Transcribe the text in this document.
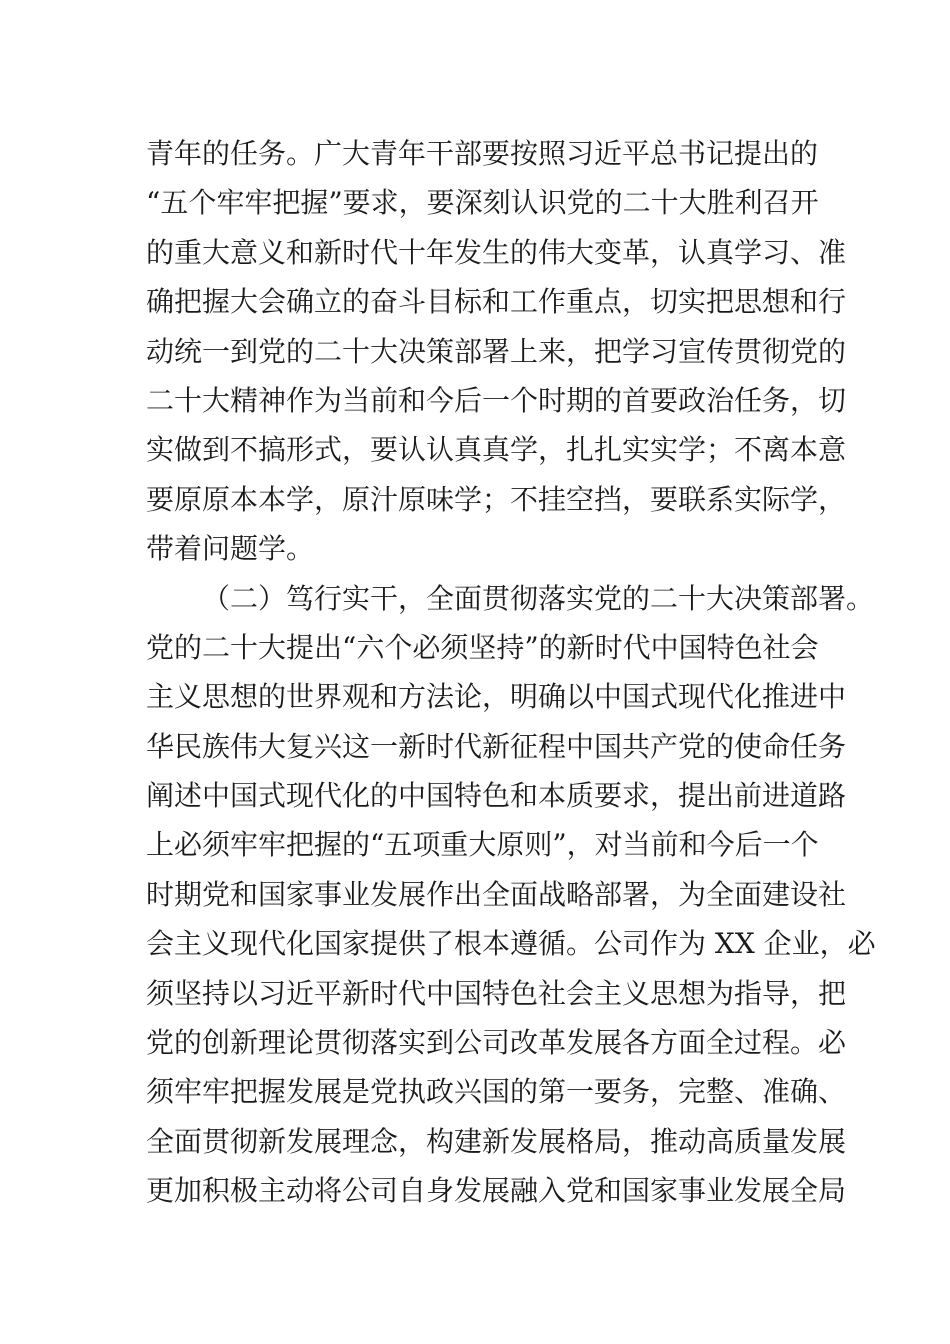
青年的任务。广大青年干部要按照习近平总书记提出的
“五个牢牢把握”要求，要深刻认识党的二十大胜利召开
的重大意义和新时代十年发生的伟大变革，认真学习、准
确把握大会确立的奋斗目标和工作重点，切实把思想和行
动统一到党的二十大决策部署上来，把学习宣传贯彻党的
二十大精神作为当前和今后一个时期的首要政治任务，切
实做到不搞形式，要认认真真学，扎扎实实学；不离本意
要原原本本学，原汁原味学；不挂空挡，要联系实际学，
带着问题学。
（二）笃行实干，全面贯彻落实党的二十大决策部署。
党的二十大提出“六个必须坚持”的新时代中国特色社会
主义思想的世界观和方法论，明确以中国式现代化推进中
华民族伟大复兴这一新时代新征程中国共产党的使命任务
阐述中国式现代化的中国特色和本质要求，提出前进道路
上必须牢牢把握的“五项重大原则”，对当前和今后一个
时期党和国家事业发展作出全面战略部署，为全面建设社
会主义现代化国家提供了根本遵循。公司作为 XX 企业，必
须坚持以习近平新时代中国特色社会主义思想为指导，把
党的创新理论贯彻落实到公司改革发展各方面全过程。必
须牢牢把握发展是党执政兴国的第一要务，完整、准确、
全面贯彻新发展理念，构建新发展格局，推动高质量发展
更加积极主动将公司自身发展融入党和国家事业发展全局
